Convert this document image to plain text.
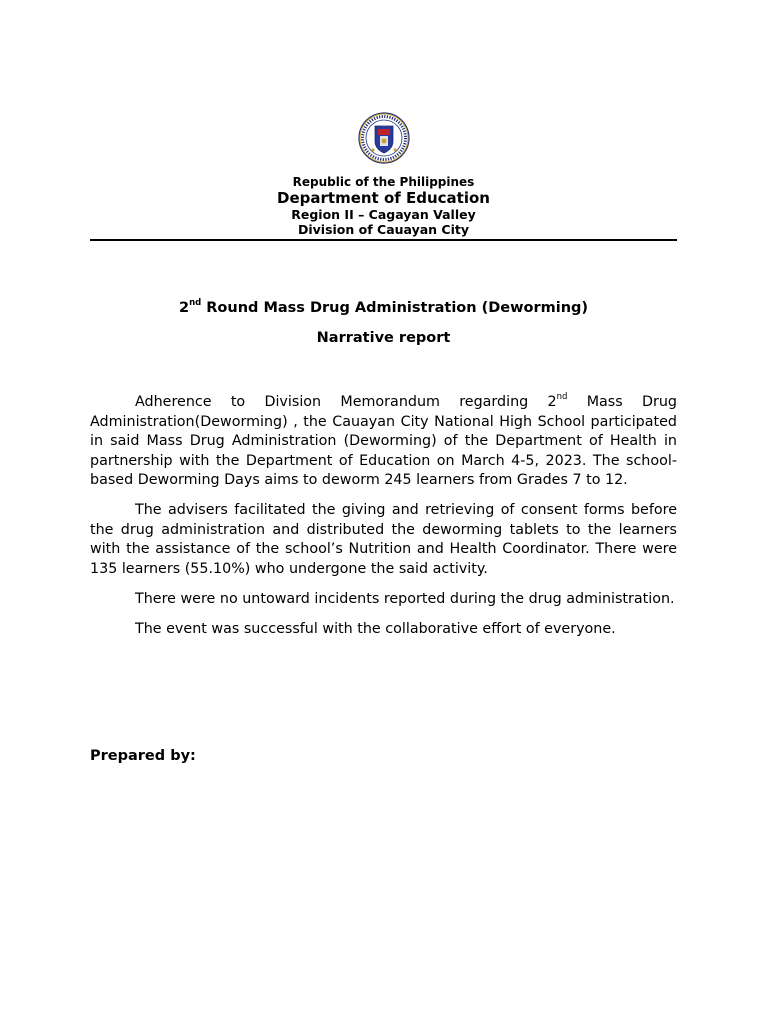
Republic of the Philippines
Department of Education
Region II – Cagayan Valley
Division of Cauayan City
2nd Round Mass Drug Administration (Deworming)
Narrative report

Adherence to Division Memorandum regarding 2nd Mass Drug Administration(Deworming) , the Cauayan City National High School participated in said Mass Drug Administration (Deworming) of the Department of Health in partnership with the Department of Education on March 4-5, 2023. The school-based Deworming Days aims to deworm 245 learners from Grades 7 to 12.

The advisers facilitated the giving and retrieving of consent forms before the drug administration and distributed the deworming tablets to the learners with the assistance of the school’s Nutrition and Health Coordinator. There were 135 learners (55.10%) who undergone the said activity.

There were no untoward incidents reported during the drug administration.

The event was successful with the collaborative effort of everyone.

Prepared by:
